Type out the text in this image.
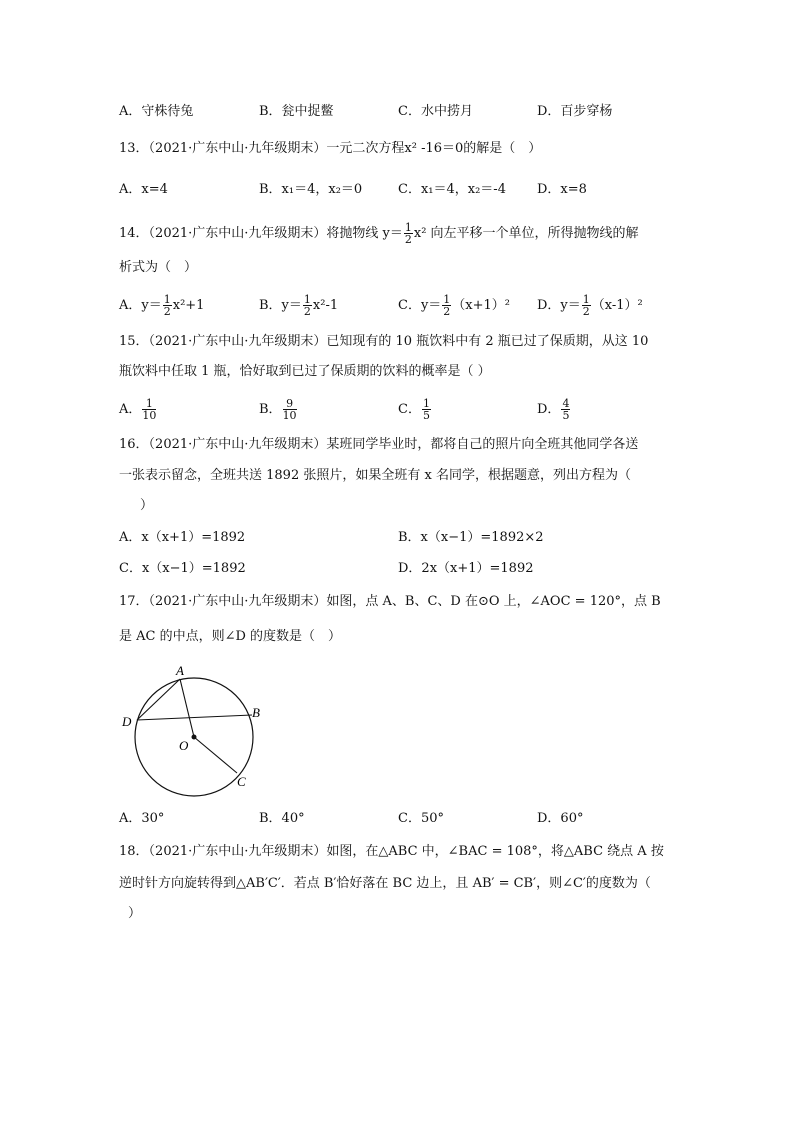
A．守株待兔	B．瓮中捉鳖	C．水中捞月	D．百步穿杨
13．（2021·广东中山·九年级期末）一元二次方程x² -16＝0的解是（　）
A．x=4	B．x₁＝4，x₂＝0	C．x₁＝4，x₂＝-4 D．x=8
14．（2021·广东中山·九年级期末）将抛物线 $y= \frac{1}{2} x^2$ 向左平移一个单位，所得抛物线的解
析式为（　）
A．$y= \frac{1}{2} x^2+1$	B．$y= \frac{1}{2} x^2-1$	C．$y= \frac{1}{2} (x+1)^2$ D．$y= \frac{1}{2} (x-1)^2$
15．（2021·广东中山·九年级期末）已知现有的 10 瓶饮料中有 2 瓶已过了保质期，从这 10
瓶饮料中任取 1 瓶，恰好取到已过了保质期的饮料的概率是（ ）
A． $\frac{1}{10}$	B． $\frac{9}{10}$	C． $\frac{1}{5}$	D． $\frac{4}{5}$
16．（2021·广东中山·九年级期末）某班同学毕业时，都将自己的照片向全班其他同学各送
一张表示留念，全班共送 1892 张照片，如果全班有 x 名同学，根据题意，列出方程为（
）
A．x（x+1）=1892	B．x（x−1）=1892×2
C．x（x−1）=1892	D．2x（x+1）=1892
17．（2021·广东中山·九年级期末）如图，点 A、B、C、D 在⊙O 上，∠AOC = 120°，点 B
是 AC 的中点，则∠D 的度数是（　）
A
B
C
D
O
A．30°	B．40°	C．50°	D．60°
18．（2021·广东中山·九年级期末）如图，在△ABC 中，∠BAC = 108°，将△ABC 绕点 A 按
逆时针方向旋转得到△AB′C′．若点 B′恰好落在 BC 边上，且 AB′ = CB′，则∠C′的度数为（
）
